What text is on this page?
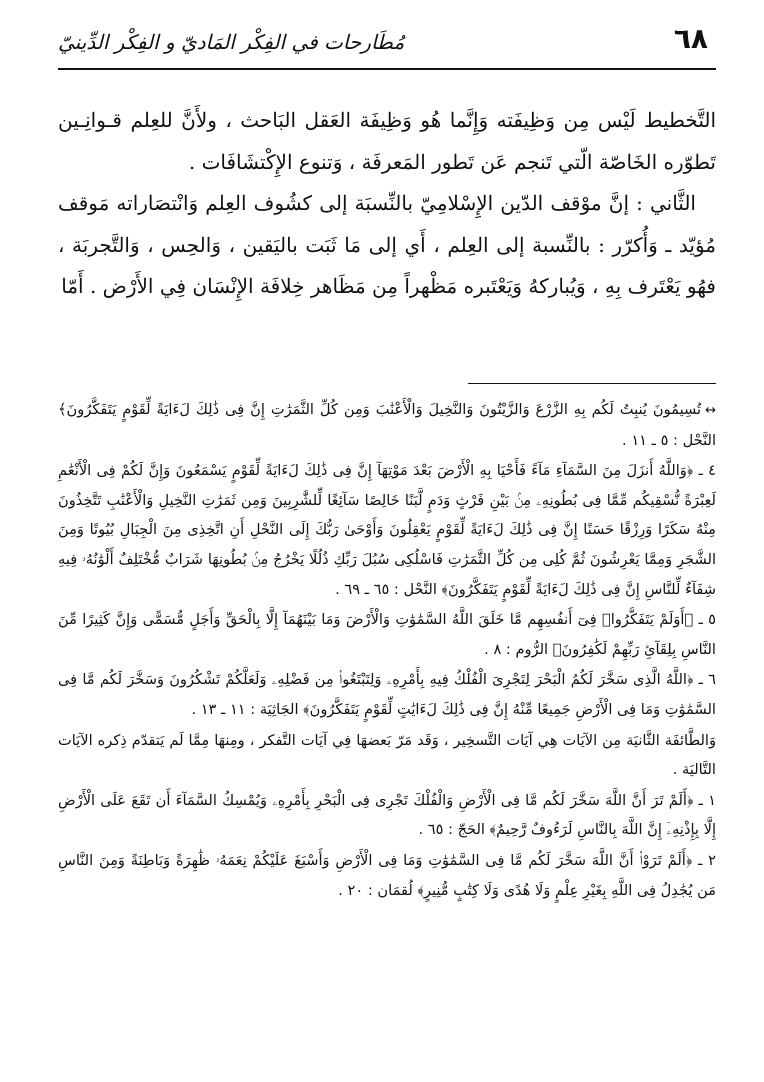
٦٨
مُطَارحات في الفِكْر المَاديّ و الفِكْر الدِّينيّ

التَّخطيط لَيْس مِن وَظِيفَته وَإِنَّما هُو وَظِيفَة العَقل البَاحث ، ولأَنَّ للعِلم قـوانِـين تَطوّره الخَاصّة الّتي تَنجم عَن تَطور المَعرفَة ، وَتنوع الإِكْتشَافَات .

الثَّاني : إنَّ موْقف الدّين الإِسْلامِيّ بالنِّسبَة إلى كشُوف العِلم وَانْتصَاراته مَوقف مُؤيّد ـ وَأُكرّر : بالنِّسبة إلى العِلم ، أَي إلى مَا ثَبَت باليَقين ، وَالحِس ، وَالتَّجربَة ، فهُو يَعْتَرف بِهِ ، وَيُباركهُ وَيَعْتَبره مَظْهراً مِن مَظَاهر خِلافَة الإِنْسَان فِي الأَرْض . أَمّا

↔تُسِيمُونَ يُنبِتُ لَكُم بِهِ الزَّرْعَ وَالزَّيْتُونَ وَالنَّخِيلَ وَالْأَعْنَٰبَ وَمِن كُلِّ الثَّمَرَٰتِ إِنَّ فِى ذَٰلِكَ لَءَايَةً لِّقَوْمٍ يَتَفَكَّرُونَ﴾ النَّحْل : ٥ ـ ١١ .

٤ ـ ﴿وَاللَّهُ أَنزَلَ مِنَ السَّمَآءِ مَآءً فَأَحْيَا بِهِ الْأَرْضَ بَعْدَ مَوْتِهَآ إِنَّ فِى ذَٰلِكَ لَءَايَةً لِّقَوْمٍ يَسْمَعُونَ وَإِنَّ لَكُمْ فِى الْأَنْعَٰمِ لَعِبْرَةً نُّسْقِيكُم مِّمَّا فِى بُطُونِهِۦ مِنۢ بَيْنِ فَرْثٍ وَدَمٍ لَّبَنًا خَالِصًا سَآئِغًا لِّلشَّٰرِبِينَ وَمِن ثَمَرَٰتِ النَّخِيلِ وَالْأَعْنَٰبِ تَتَّخِذُونَ مِنْهُ سَكَرًا وَرِزْقًا حَسَنًا إِنَّ فِى ذَٰلِكَ لَءَايَةً لِّقَوْمٍ يَعْقِلُونَ وَأَوْحَىٰ رَبُّكَ إِلَى النَّحْلِ أَنِ اتَّخِذِى مِنَ الْجِبَالِ بُيُوتًا وَمِنَ الشَّجَرِ وَمِمَّا يَعْرِشُونَ ثُمَّ كُلِى مِن كُلِّ الثَّمَرَٰتِ فَاسْلُكِى سُبُلَ رَبِّكِ ذُلُلًا يَخْرُجُ مِنۢ بُطُونِهَا شَرَابٌ مُّخْتَلِفٌ أَلْوَٰنُهُۥ فِيهِ شِفَآءٌ لِّلنَّاسِ إِنَّ فِى ذَٰلِكَ لَءَايَةً لِّقَوْمٍ يَتَفَكَّرُونَ﴾ النَّحْل : ٦٥ ـ ٦٩ .

٥ ـ ﴿أَوَلَمْ يَتَفَكَّرُوا۟ فِىٓ أَنفُسِهِم مَّا خَلَقَ اللَّهُ السَّمَٰوَٰتِ وَالْأَرْضَ وَمَا بَيْنَهُمَآ إِلَّا بِالْحَقِّ وَأَجَلٍ مُّسَمًّى وَإِنَّ كَثِيرًا مِّنَ النَّاسِ بِلِقَآئِ رَبِّهِمْ لَكَٰفِرُونَ﴾ الرُّوم : ٨ .

٦ ـ ﴿اللَّهُ الَّذِى سَخَّرَ لَكُمُ الْبَحْرَ لِتَجْرِىَ الْفُلْكُ فِيهِ بِأَمْرِهِۦ وَلِتَبْتَغُوا۟ مِن فَضْلِهِۦ وَلَعَلَّكُمْ تَشْكُرُونَ وَسَخَّرَ لَكُم مَّا فِى السَّمَٰوَٰتِ وَمَا فِى الْأَرْضِ جَمِيعًا مِّنْهُ إِنَّ فِى ذَٰلِكَ لَءَايَٰتٍ لِّقَوْمٍ يَتَفَكَّرُونَ﴾ الجَاثِيَة : ١١ ـ ١٣ .

وَالطَّائفَة الثَّانيَة مِن الآيَات هِي آيَات التَّسخِير ، وَقَد مَرّ بَعضهَا فِي آيَات التَّفكر ، ومِنهَا مِمَّا لَم يَتقدّم ذِكره الآيَات التَّاليَة .

١ ـ ﴿أَلَمْ تَرَ أَنَّ اللَّهَ سَخَّرَ لَكُم مَّا فِى الْأَرْضِ وَالْفُلْكَ تَجْرِى فِى الْبَحْرِ بِأَمْرِهِۦ وَيُمْسِكُ السَّمَآءَ أَن تَقَعَ عَلَى الْأَرْضِ إِلَّا بِإِذْنِهِۦٓ إِنَّ اللَّهَ بِالنَّاسِ لَرَءُوفٌ رَّحِيمٌ﴾ الحَجّ : ٦٥ .

٢ ـ ﴿أَلَمْ تَرَوْا۟ أَنَّ اللَّهَ سَخَّرَ لَكُم مَّا فِى السَّمَٰوَٰتِ وَمَا فِى الْأَرْضِ وَأَسْبَغَ عَلَيْكُمْ نِعَمَهُۥ ظَٰهِرَةً وَبَاطِنَةً وَمِنَ النَّاسِ مَن يُجَٰدِلُ فِى اللَّهِ بِغَيْرِ عِلْمٍ وَلَا هُدًى وَلَا كِتَٰبٍ مُّنِيرٍ﴾ لُقمَان : ٢٠ .
